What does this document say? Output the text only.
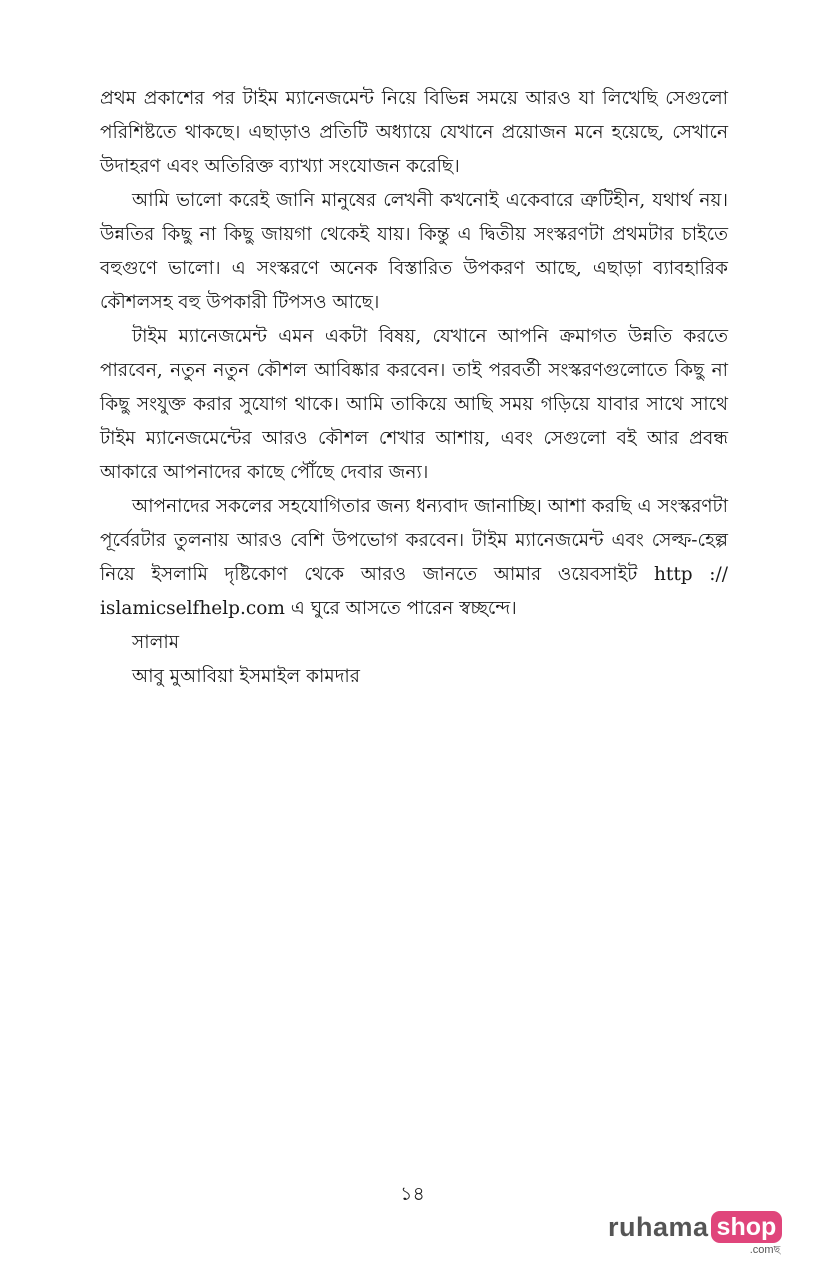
প্রথম প্রকাশের পর টাইম ম্যানেজমেন্ট নিয়ে বিভিন্ন সময়ে আরও যা লিখেছি সেগুলো পরিশিষ্টতে থাকছে। এছাড়াও প্রতিটি অধ্যায়ে যেখানে প্রয়োজন মনে হয়েছে, সেখানে উদাহরণ এবং অতিরিক্ত ব্যাখ্যা সংযোজন করেছি।

আমি ভালো করেই জানি মানুষের লেখনী কখনোই একেবারে ত্রুটিহীন, যথার্থ নয়। উন্নতির কিছু না কিছু জায়গা থেকেই যায়। কিন্তু এ দ্বিতীয় সংস্করণটা প্রথমটার চাইতে বহুগুণে ভালো। এ সংস্করণে অনেক বিস্তারিত উপকরণ আছে, এছাড়া ব্যাবহারিক কৌশলসহ বহু উপকারী টিপসও আছে।

টাইম ম্যানেজমেন্ট এমন একটা বিষয়, যেখানে আপনি ক্রমাগত উন্নতি করতে পারবেন, নতুন নতুন কৌশল আবিষ্কার করবেন। তাই পরবর্তী সংস্করণগুলোতে কিছু না কিছু সংযুক্ত করার সুযোগ থাকে। আমি তাকিয়ে আছি সময় গড়িয়ে যাবার সাথে সাথে টাইম ম্যানেজমেন্টের আরও কৌশল শেখার আশায়, এবং সেগুলো বই আর প্রবন্ধ আকারে আপনাদের কাছে পৌঁছে দেবার জন্য।

আপনাদের সকলের সহযোগিতার জন্য ধন্যবাদ জানাচ্ছি। আশা করছি এ সংস্করণটা পূর্বেরটার তুলনায় আরও বেশি উপভোগ করবেন। টাইম ম্যানেজমেন্ট এবং সেল্ফ-হেল্প নিয়ে ইসলামি দৃষ্টিকোণ থেকে আরও জানতে আমার ওয়েবসাইট http :// islamicselfhelp.com এ ঘুরে আসতে পারেন স্বচ্ছন্দে।

সালাম

আবু মুআবিয়া ইসমাইল কামদার

১৪
ruhama shop
.comছ
